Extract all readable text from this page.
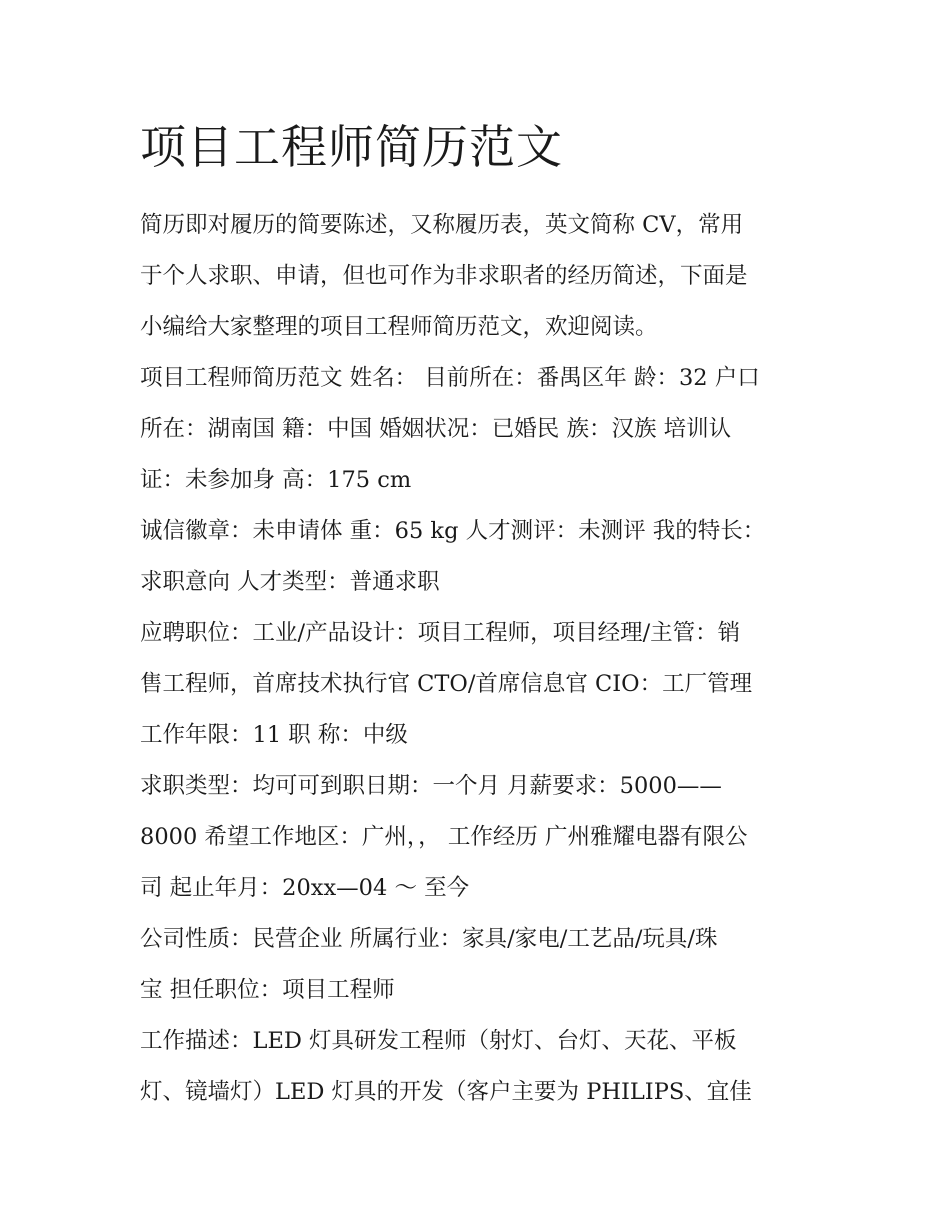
项目工程师简历范文

简历即对履历的简要陈述，又称履历表，英文简称 CV，常用
于个人求职、申请，但也可作为非求职者的经历简述，下面是
小编给大家整理的项目工程师简历范文，欢迎阅读。

项目工程师简历范文 姓名： 目前所在：番禺区年 龄：32 户口
所在：湖南国 籍：中国 婚姻状况：已婚民 族：汉族 培训认
证：未参加身 高：175 cm

诚信徽章：未申请体 重：65 kg 人才测评：未测评 我的特长：
求职意向 人才类型：普通求职

应聘职位：工业/产品设计：项目工程师，项目经理/主管：销
售工程师，首席技术执行官 CTO/首席信息官 CIO：工厂管理
工作年限：11 职 称：中级

求职类型：均可可到职日期：一个月 月薪要求：5000——
8000 希望工作地区：广州，， 工作经历 广州雅耀电器有限公
司 起止年月：20xx—04 ～ 至今

公司性质：民营企业 所属行业：家具/家电/工艺品/玩具/珠
宝 担任职位：项目工程师

工作描述：LED 灯具研发工程师（射灯、台灯、天花、平板
灯、镜墙灯）LED 灯具的开发（客户主要为 PHILIPS、宜佳
